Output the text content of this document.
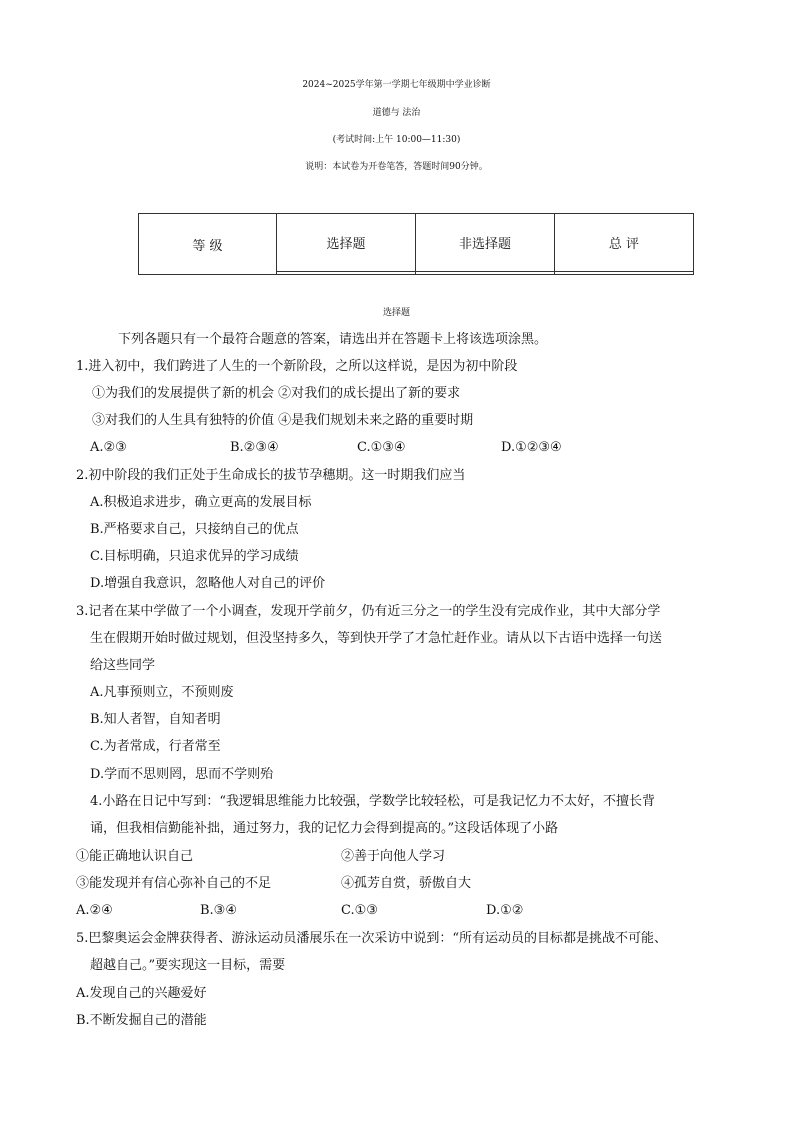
2024~2025学年第一学期七年级期中学业诊断
道德与 法治
(考试时间:上午 10:00—11:30)
说明：本试卷为开卷笔答，答题时间90分钟。
等 级	选择题	非选择题	总 评

选择题
下列各题只有一个最符合题意的答案，请选出并在答题卡上将该选项涂黑。
1.进入初中，我们跨进了人生的一个新阶段，之所以这样说，是因为初中阶段
①为我们的发展提供了新的机会 ②对我们的成长提出了新的要求
③对我们的人生具有独特的价值 ④是我们规划未来之路的重要时期
A.②③	B.②③④	C.①③④	D.①②③④
2.初中阶段的我们正处于生命成长的拔节孕穗期。这一时期我们应当
A.积极追求进步，确立更高的发展目标
B.严格要求自己，只接纳自己的优点
C.目标明确，只追求优异的学习成绩
D.增强自我意识，忽略他人对自己的评价
3.记者在某中学做了一个小调查，发现开学前夕，仍有近三分之一的学生没有完成作业，其中大部分学
生在假期开始时做过规划，但没坚持多久，等到快开学了才急忙赶作业。请从以下古语中选择一句送
给这些同学
A.凡事预则立，不预则废
B.知人者智，自知者明
C.为者常成，行者常至
D.学而不思则罔，思而不学则殆
4.小路在日记中写到：“我逻辑思维能力比较强，学数学比较轻松，可是我记忆力不太好，不擅长背
诵，但我相信勤能补拙，通过努力，我的记忆力会得到提高的。”这段话体现了小路
①能正确地认识自己	②善于向他人学习
③能发现并有信心弥补自己的不足	④孤芳自赏，骄傲自大
A.②④	B.③④	C.①③	D.①②
5.巴黎奥运会金牌获得者、游泳运动员潘展乐在一次采访中说到：“所有运动员的目标都是挑战不可能、
超越自己。”要实现这一目标，需要
A.发现自己的兴趣爱好
B.不断发掘自己的潜能
